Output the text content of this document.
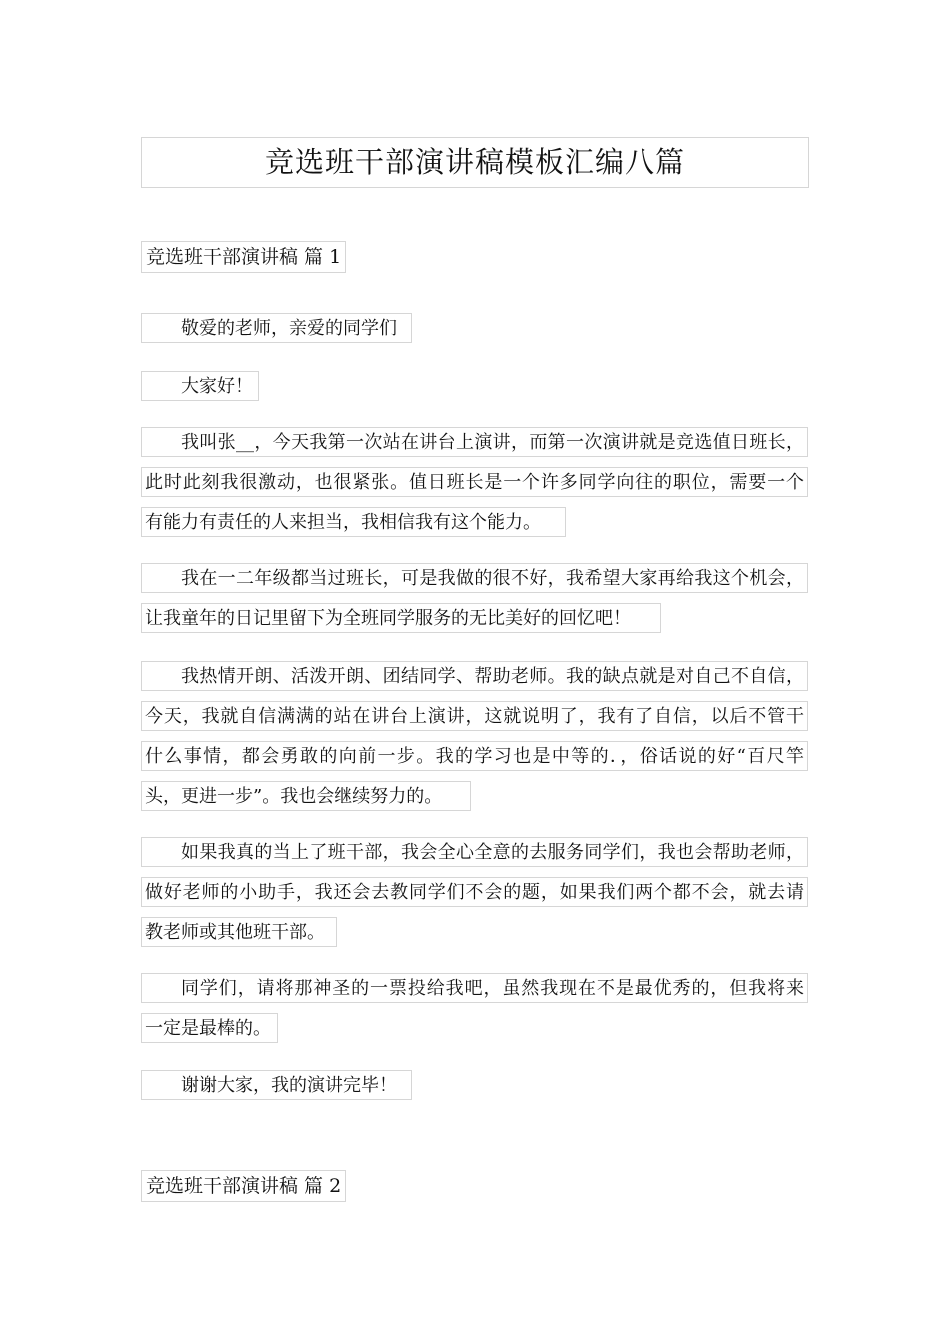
竞选班干部演讲稿模板汇编八篇
竞选班干部演讲稿 篇 1
敬爱的老师，亲爱的同学们
大家好！
我叫张__，今天我第一次站在讲台上演讲，而第一次演讲就是竞选值日班长，
此时此刻我很激动，也很紧张。值日班长是一个许多同学向往的职位，需要一个
有能力有责任的人来担当，我相信我有这个能力。
我在一二年级都当过班长，可是我做的很不好，我希望大家再给我这个机会，
让我童年的日记里留下为全班同学服务的无比美好的回忆吧！
我热情开朗、活泼开朗、团结同学、帮助老师。我的缺点就是对自己不自信，
今天，我就自信满满的站在讲台上演讲，这就说明了，我有了自信，以后不管干
什么事情，都会勇敢的向前一步。我的学习也是中等的．，俗话说的好“百尺竿
头，更进一步”。我也会继续努力的。
如果我真的当上了班干部，我会全心全意的去服务同学们，我也会帮助老师，
做好老师的小助手，我还会去教同学们不会的题，如果我们两个都不会，就去请
教老师或其他班干部。
同学们，请将那神圣的一票投给我吧，虽然我现在不是最优秀的，但我将来
一定是最棒的。
谢谢大家，我的演讲完毕！
竞选班干部演讲稿 篇 2
